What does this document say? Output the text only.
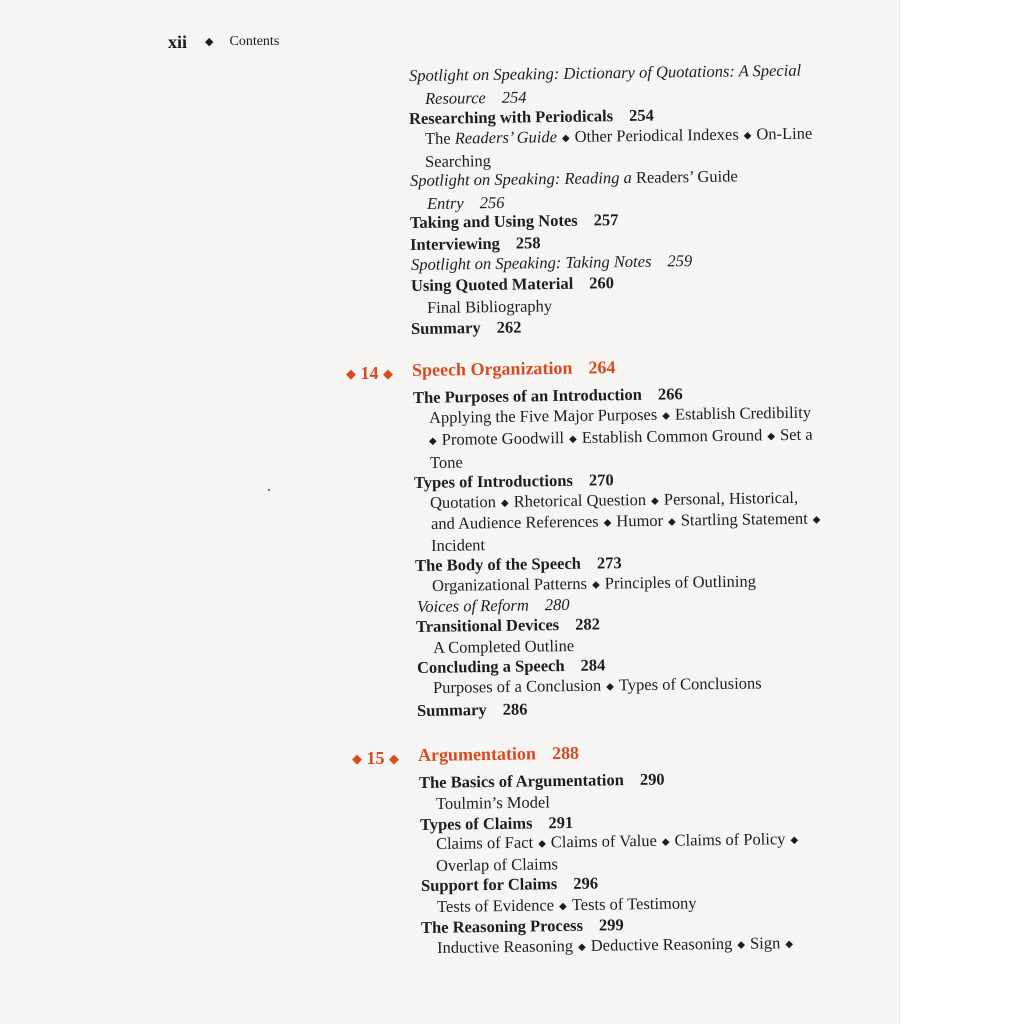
xii ◆ Contents
Spotlight on Speaking: Dictionary of Quotations: A Special
Resource 254
Researching with Periodicals 254
The Readers’ Guide ◆ Other Periodical Indexes ◆ On-Line
Searching
Spotlight on Speaking: Reading a Readers’ Guide
Entry 256
Taking and Using Notes 257
Interviewing 258
Spotlight on Speaking: Taking Notes 259
Using Quoted Material 260
Final Bibliography
Summary 262
◆ 14 ◆ Speech Organization 264
The Purposes of an Introduction 266
Applying the Five Major Purposes ◆ Establish Credibility
◆ Promote Goodwill ◆ Establish Common Ground ◆ Set a
Tone
Types of Introductions 270
Quotation ◆ Rhetorical Question ◆ Personal, Historical,
and Audience References ◆ Humor ◆ Startling Statement ◆
Incident
The Body of the Speech 273
Organizational Patterns ◆ Principles of Outlining
Voices of Reform 280
Transitional Devices 282
A Completed Outline
Concluding a Speech 284
Purposes of a Conclusion ◆ Types of Conclusions
Summary 286
◆ 15 ◆ Argumentation 288
The Basics of Argumentation 290
Toulmin’s Model
Types of Claims 291
Claims of Fact ◆ Claims of Value ◆ Claims of Policy ◆
Overlap of Claims
Support for Claims 296
Tests of Evidence ◆ Tests of Testimony
The Reasoning Process 299
Inductive Reasoning ◆ Deductive Reasoning ◆ Sign ◆
